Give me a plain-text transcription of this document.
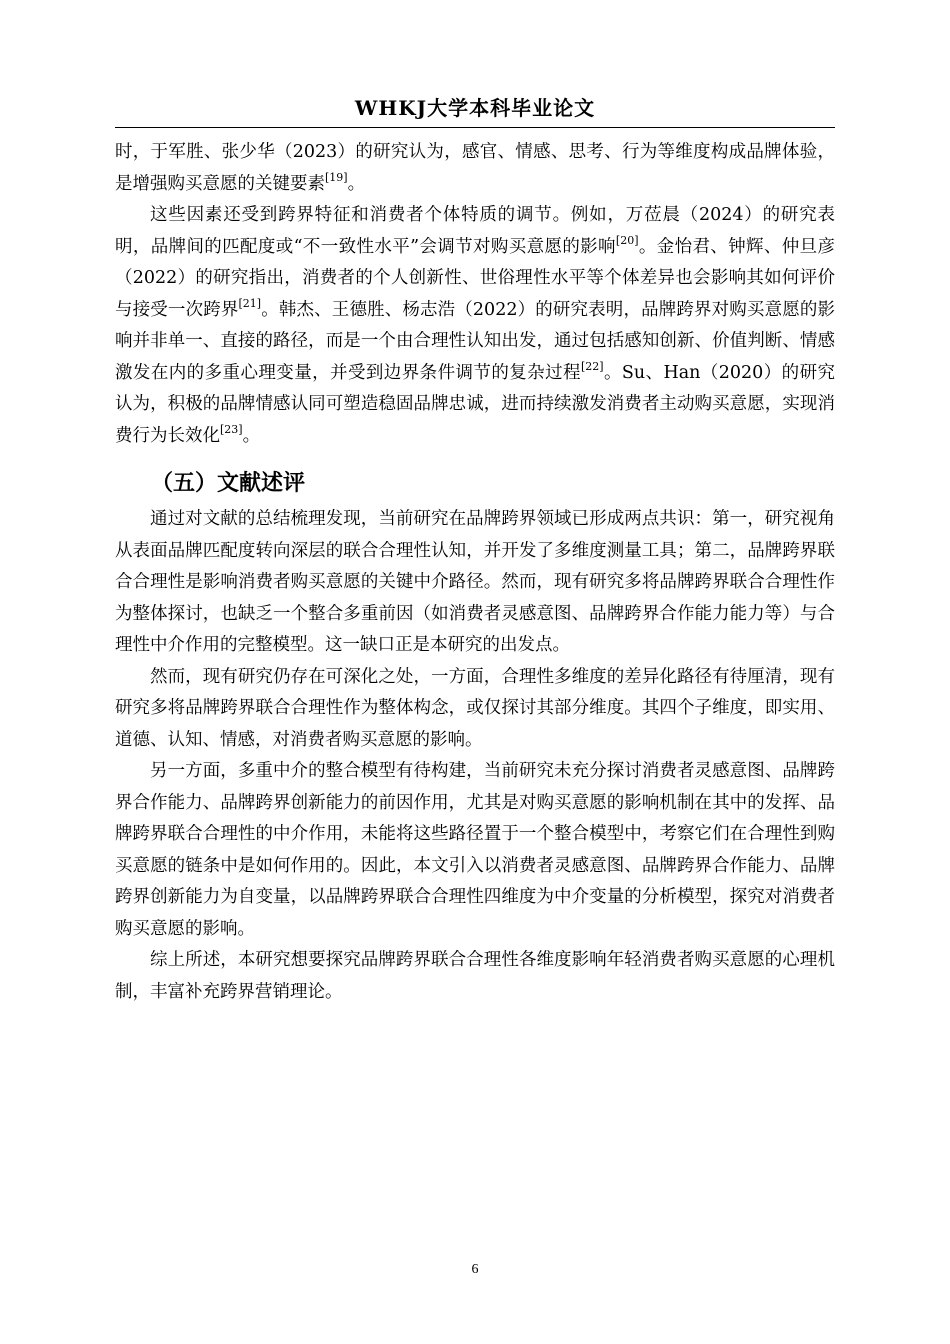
WHKJ大学本科毕业论文

时，于军胜、张少华（2023）的研究认为，感官、情感、思考、行为等维度构成品牌体验，是增强购买意愿的关键要素[19]。

这些因素还受到跨界特征和消费者个体特质的调节。例如，万莅晨（2024）的研究表明，品牌间的匹配度或“不一致性水平”会调节对购买意愿的影响[20]。金怡君、钟辉、仲旦彦（2022）的研究指出，消费者的个人创新性、世俗理性水平等个体差异也会影响其如何评价与接受一次跨界[21]。韩杰、王德胜、杨志浩（2022）的研究表明，品牌跨界对购买意愿的影响并非单一、直接的路径，而是一个由合理性认知出发，通过包括感知创新、价值判断、情感激发在内的多重心理变量，并受到边界条件调节的复杂过程[22]。Su、Han（2020）的研究认为，积极的品牌情感认同可塑造稳固品牌忠诚，进而持续激发消费者主动购买意愿，实现消费行为长效化[23]。

（五）文献述评

通过对文献的总结梳理发现，当前研究在品牌跨界领域已形成两点共识：第一，研究视角从表面品牌匹配度转向深层的联合合理性认知，并开发了多维度测量工具；第二，品牌跨界联合合理性是影响消费者购买意愿的关键中介路径。然而，现有研究多将品牌跨界联合合理性作为整体探讨，也缺乏一个整合多重前因（如消费者灵感意图、品牌跨界合作能力能力等）与合理性中介作用的完整模型。这一缺口正是本研究的出发点。

然而，现有研究仍存在可深化之处，一方面，合理性多维度的差异化路径有待厘清，现有研究多将品牌跨界联合合理性作为整体构念，或仅探讨其部分维度。其四个子维度，即实用、道德、认知、情感，对消费者购买意愿的影响。

另一方面，多重中介的整合模型有待构建，当前研究未充分探讨消费者灵感意图、品牌跨界合作能力、品牌跨界创新能力的前因作用，尤其是对购买意愿的影响机制在其中的发挥、品牌跨界联合合理性的中介作用，未能将这些路径置于一个整合模型中，考察它们在合理性到购买意愿的链条中是如何作用的。因此，本文引入以消费者灵感意图、品牌跨界合作能力、品牌跨界创新能力为自变量，以品牌跨界联合合理性四维度为中介变量的分析模型，探究对消费者购买意愿的影响。

综上所述，本研究想要探究品牌跨界联合合理性各维度影响年轻消费者购买意愿的心理机制，丰富补充跨界营销理论。

6
